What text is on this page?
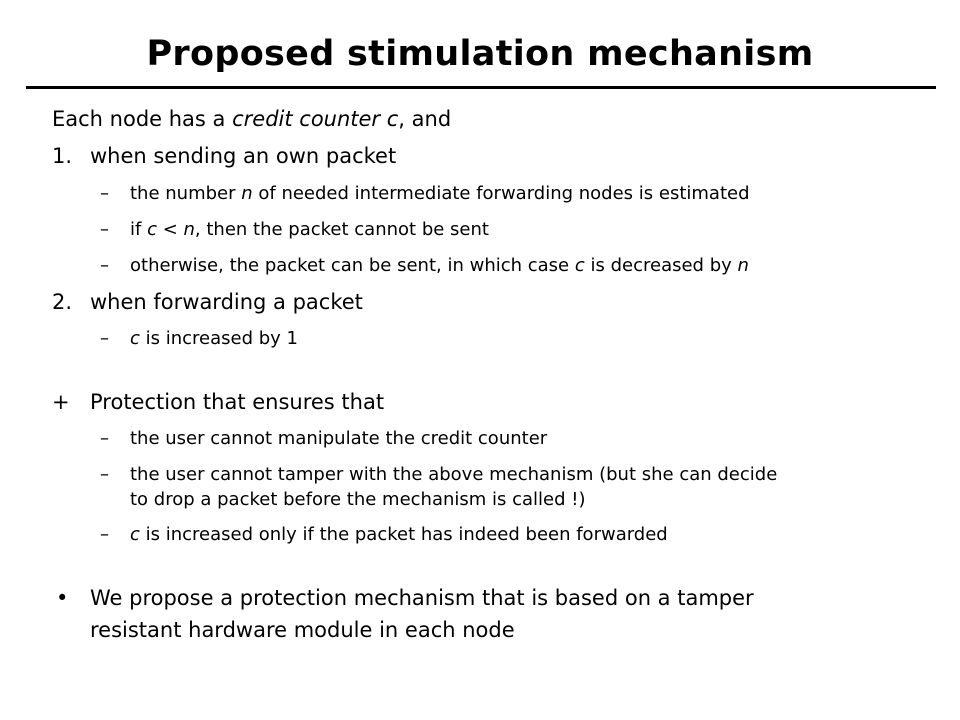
Proposed stimulation mechanism
Each node has a credit counter c, and
1. when sending an own packet
– the number n of needed intermediate forwarding nodes is estimated
– if c < n, then the packet cannot be sent
– otherwise, the packet can be sent, in which case c is decreased by n
2. when forwarding a packet
– c is increased by 1
+ Protection that ensures that
– the user cannot manipulate the credit counter
– the user cannot tamper with the above mechanism (but she can decide
to drop a packet before the mechanism is called !)
– c is increased only if the packet has indeed been forwarded
• We propose a protection mechanism that is based on a tamper
resistant hardware module in each node
